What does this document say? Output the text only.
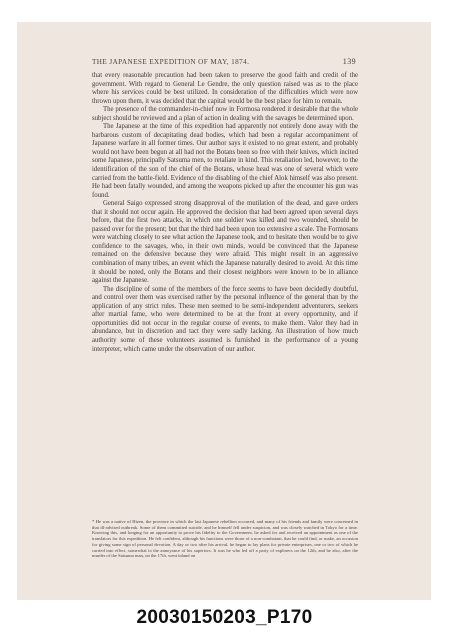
THE JAPANESE EXPEDITION OF MAY, 1874.	139

that every reasonable precaution had been taken to preserve the good faith and credit of the government. With regard to General Le Gendre, the only question raised was as to the place where his services could be best utilized. In consideration of the difficulties which were now thrown upon them, it was decided that the capital would be the best place for him to remain.

The presence of the commander-in-chief now in Formosa rendered it desirable that the whole subject should be reviewed and a plan of action in dealing with the savages be determined upon.

The Japanese at the time of this expedition had apparently not entirely done away with the barbarous custom of decapitating dead bodies, which had been a regular accompaniment of Japanese warfare in all former times. Our author says it existed to no great extent, and probably would not have been begun at all had not the Botans been so free with their knives, which incited some Japanese, principally Satsuma men, to retaliate in kind. This retaliation led, however, to the identification of the son of the chief of the Botans, whose head was one of several which were carried from the battle-field. Evidence of the disabling of the chief Alok himself was also present. He had been fatally wounded, and among the weapons picked up after the encounter his gun was found.

General Saigo expressed strong disapproval of the mutilation of the dead, and gave orders that it should not occur again. He approved the decision that had been agreed upon several days before, that the first two attacks, in which one soldier was killed and two wounded, should be passed over for the present; but that the third had been upon too extensive a scale. The Formosans were watching closely to see what action the Japanese took, and to hesitate then would be to give confidence to the savages, who, in their own minds, would be convinced that the Japanese remained on the defensive because they were afraid. This might result in an aggressive combination of many tribes, an event which the Japanese naturally desired to avoid. At this time it should be noted, only the Botans and their closest neighbors were known to be in alliance against the Japanese.

The discipline of some of the members of the force seems to have been decidedly doubtful, and control over them was exercised rather by the personal influence of the general than by the application of any strict rules. These men seemed to be semi-independent adventurers, seekers after martial fame, who were determined to be at the front at every opportunity, and if opportunities did not occur in the regular course of events, to make them. Valor they had in abundance, but in discretion and tact they were sadly lacking. An illustration of how much authority some of these volunteers assumed is furnished in the performance of a young interpreter, which came under the observation of our author.

* He was a native of Hizen, the province in which the last Japanese rebellion occurred, and many of his friends and family were concerned in that ill-advised outbreak. Some of them committed suicide, and he himself fell under suspicion, and was closely watched in Tokyo for a time. Knowing this, and longing for an opportunity to prove his fidelity to the Government, he asked for and received an appointment as one of the translators for this expedition. He felt confident, although his functions were those of a non-combatant, that he could find, or make, an occasion for giving some sign of personal devotion. A day or two after his arrival, he began to lay plans for private enterprises, one or two of which he carried into effect, somewhat to the annoyance of his superiors. It was he who led off a party of explorers on the 12th, and he also, after the murder of the Satsuma man, on the 17th, went inland on
20030150203_P170
